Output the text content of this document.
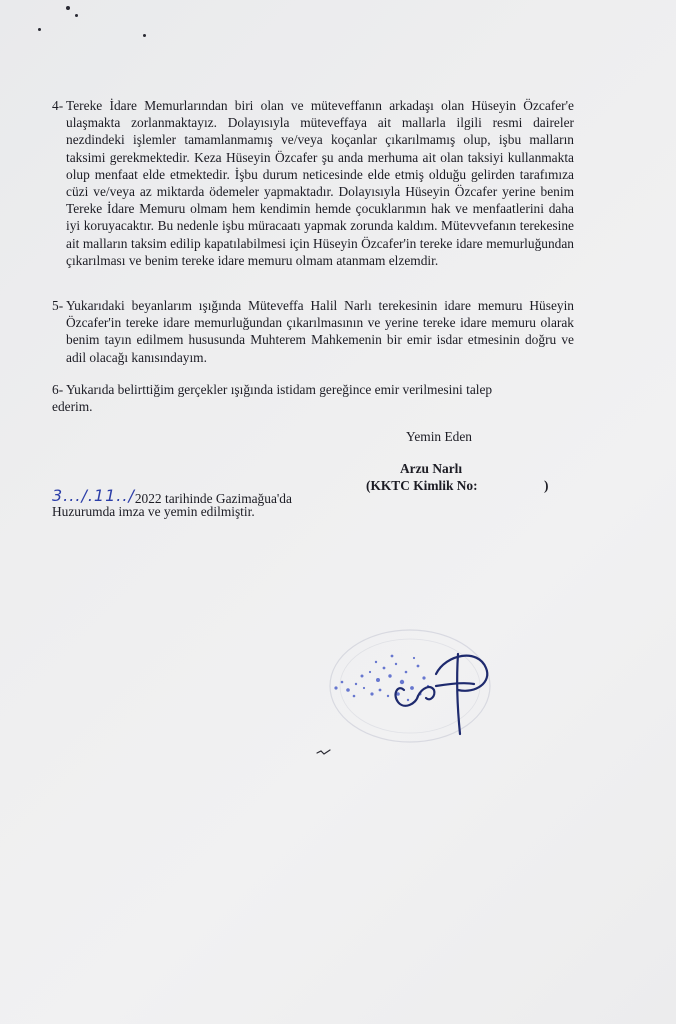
4- Tereke İdare Memurlarından biri olan ve müteveffanın arkadaşı olan Hüseyin Özcafer'e ulaşmakta zorlanmaktayız. Dolayısıyla müteveffaya ait mallarla ilgili resmi daireler nezdindeki işlemler tamamlanmamış ve/veya koçanlar çıkarılmamış olup, işbu malların taksimi gerekmektedir. Keza Hüseyin Özcafer şu anda merhuma ait olan taksiyi kullanmakta olup menfaat elde etmektedir. İşbu durum neticesinde elde etmiş olduğu gelirden tarafımıza cüzi ve/veya az miktarda ödemeler yapmaktadır. Dolayısıyla Hüseyin Özcafer yerine benim Tereke İdare Memuru olmam hem kendimin hemde çocuklarımın hak ve menfaatlerini daha iyi koruyacaktır. Bu nedenle işbu müracaatı yapmak zorunda kaldım. Mütevvefanın terekesine ait malların taksim edilip kapatılabilmesi için Hüseyin Özcafer'in tereke idare memurluğundan çıkarılması ve benim tereke idare memuru olmam atanmam elzemdir.
5- Yukarıdaki beyanlarım ışığında Müteveffa Halil Narlı terekesinin idare memuru Hüseyin Özcafer'in tereke idare memurluğundan çıkarılmasının ve yerine tereke idare memuru olarak benim tayın edilmem hususunda Muhterem Mahkemenin bir emir isdar etmesinin doğru ve adil olacağı kanısındayım.
6- Yukarıda belirttiğim gerçekler ışığında istidam gereğince emir verilmesini talep
ederim.
Yemin Eden
Arzu Narlı
(KKTC Kimlik No:	)
3.../.11../2022 tarihinde Gazimağua'da
Huzurumda imza ve yemin edilmiştir.
